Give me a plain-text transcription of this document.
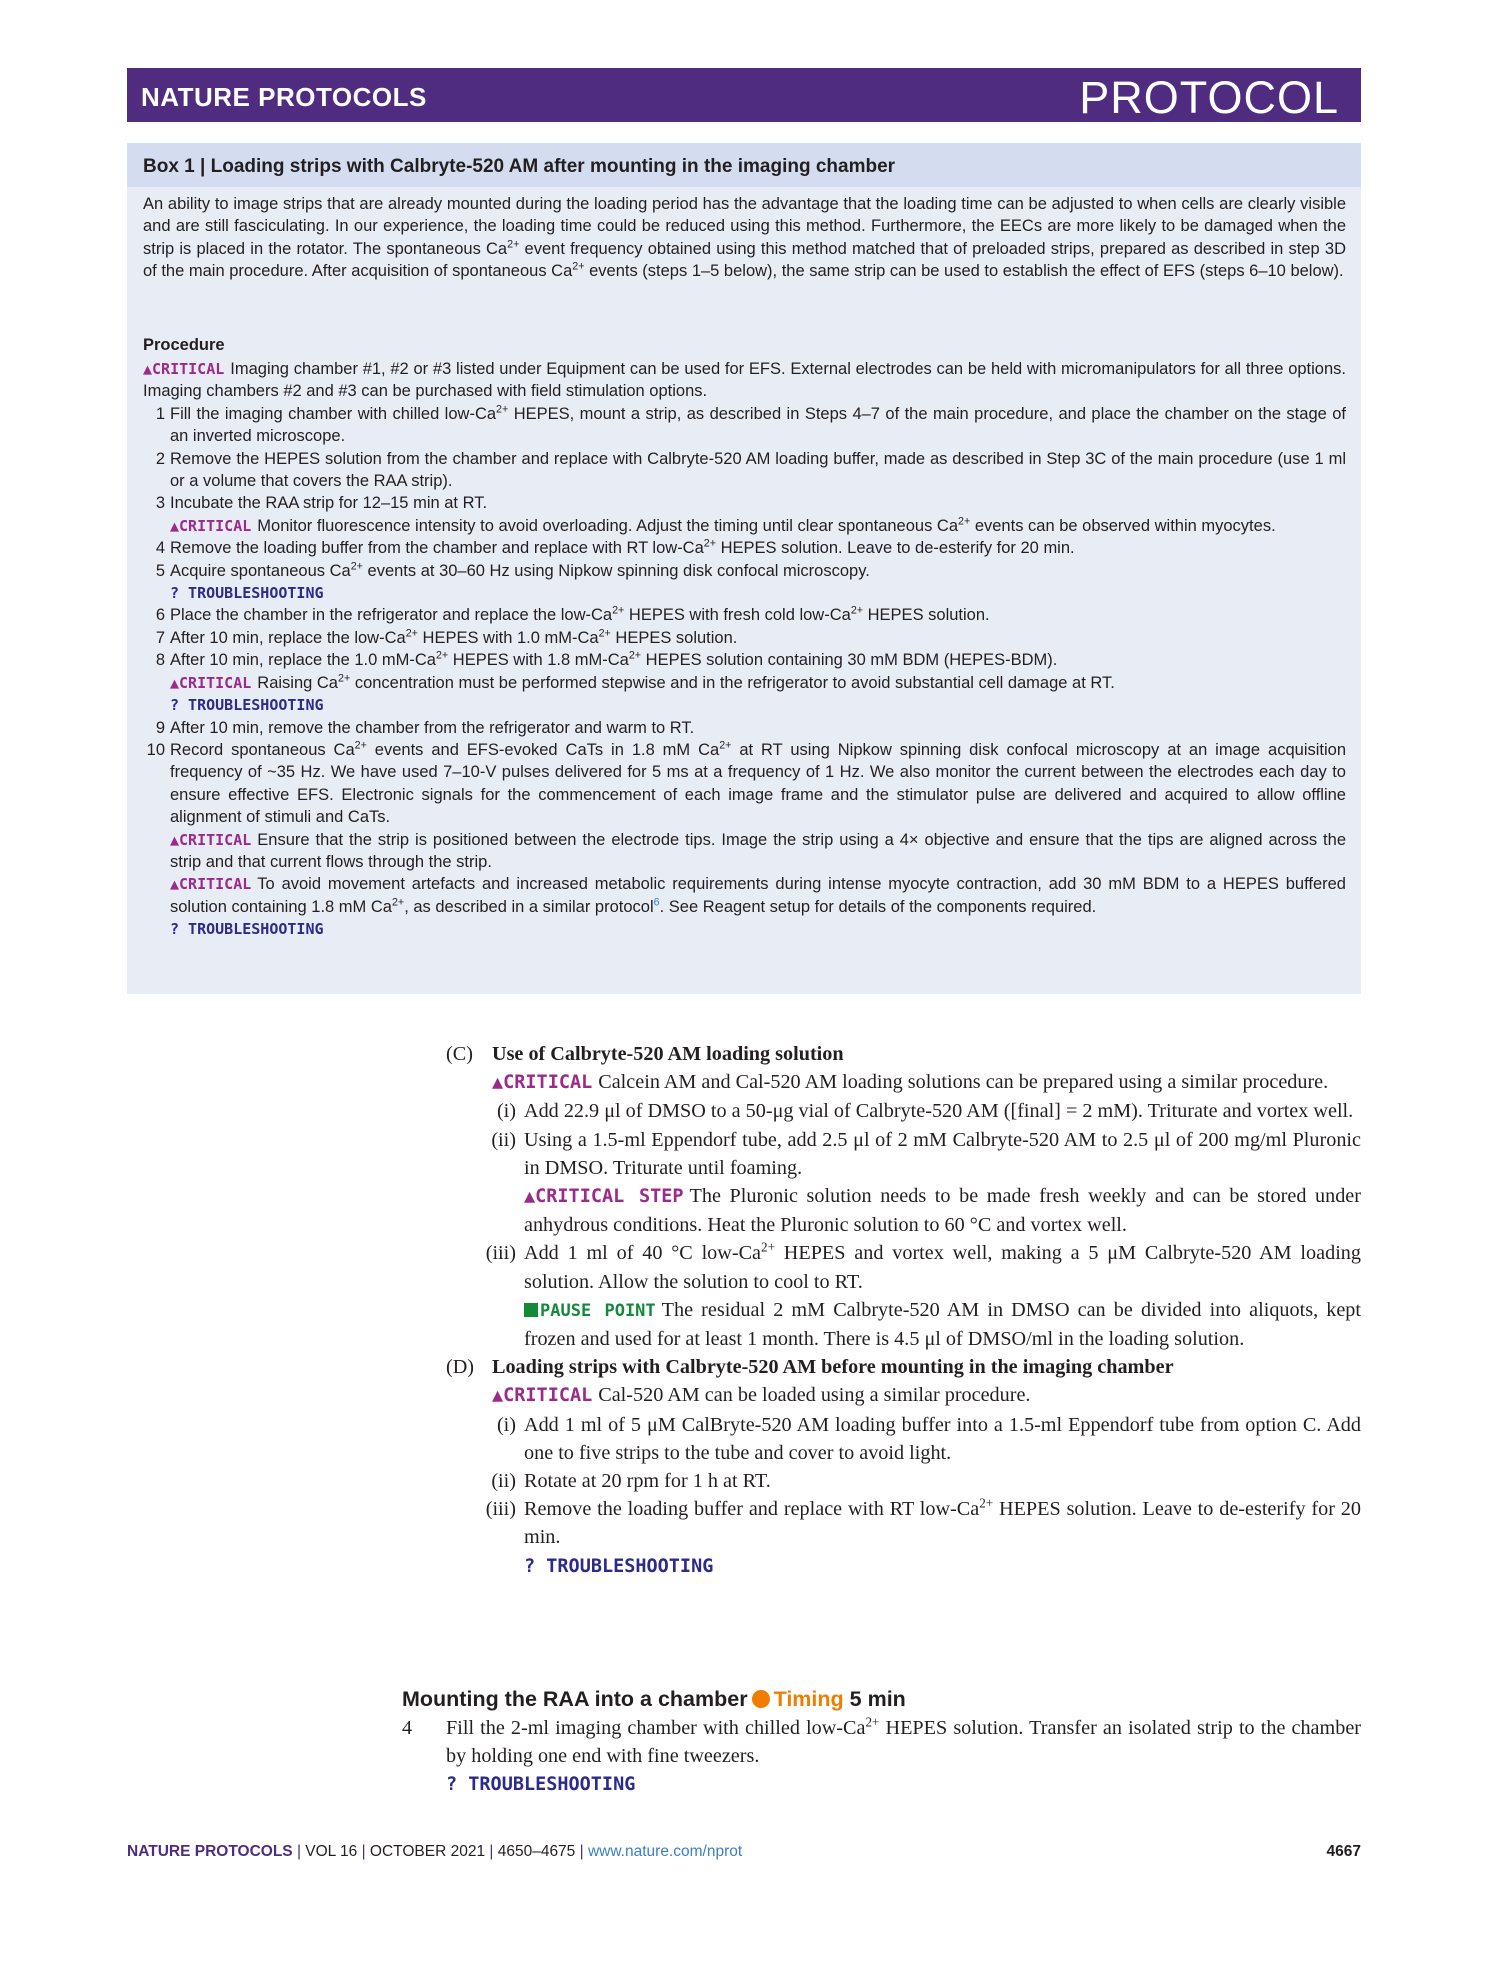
NATURE PROTOCOLS	PROTOCOL
Box 1 | Loading strips with Calbryte-520 AM after mounting in the imaging chamber
An ability to image strips that are already mounted during the loading period has the advantage that the loading time can be adjusted to when cells are clearly visible and are still fasciculating. In our experience, the loading time could be reduced using this method. Furthermore, the EECs are more likely to be damaged when the strip is placed in the rotator. The spontaneous $Ca^{2+}$ event frequency obtained using this method matched that of preloaded strips, prepared as described in step 3D of the main procedure. After acquisition of spontaneous $Ca^{2+}$ events (steps 1–5 below), the same strip can be used to establish the effect of EFS (steps 6–10 below).
Procedure
▲CRITICAL Imaging chamber #1, #2 or #3 listed under Equipment can be used for EFS. External electrodes can be held with micromanipulators for all three options. Imaging chambers #2 and #3 can be purchased with field stimulation options.
1 Fill the imaging chamber with chilled low-$Ca^{2+}$ HEPES, mount a strip, as described in Steps 4–7 of the main procedure, and place the chamber on the stage of an inverted microscope.
2 Remove the HEPES solution from the chamber and replace with Calbryte-520 AM loading buffer, made as described in Step 3C of the main procedure (use 1 ml or a volume that covers the RAA strip).
3 Incubate the RAA strip for 12–15 min at RT.
▲CRITICAL Monitor fluorescence intensity to avoid overloading. Adjust the timing until clear spontaneous $Ca^{2+}$ events can be observed within myocytes.
4 Remove the loading buffer from the chamber and replace with RT low-$Ca^{2+}$ HEPES solution. Leave to de-esterify for 20 min.
5 Acquire spontaneous $Ca^{2+}$ events at 30–60 Hz using Nipkow spinning disk confocal microscopy.
? TROUBLESHOOTING
6 Place the chamber in the refrigerator and replace the low-$Ca^{2+}$ HEPES with fresh cold low-$Ca^{2+}$ HEPES solution.
7 After 10 min, replace the low-$Ca^{2+}$ HEPES with 1.0 $mM-Ca^{2+}$ HEPES solution.
8 After 10 min, replace the 1.0 $mM-Ca^{2+}$ HEPES with 1.8 $mM-Ca^{2+}$ HEPES solution containing 30 mM BDM (HEPES-BDM).
▲CRITICAL Raising $Ca^{2+}$ concentration must be performed stepwise and in the refrigerator to avoid substantial cell damage at RT.
? TROUBLESHOOTING
9 After 10 min, remove the chamber from the refrigerator and warm to RT.
10 Record spontaneous $Ca^{2+}$ events and EFS-evoked CaTs in 1.8 mM $Ca^{2+}$ at RT using Nipkow spinning disk confocal microscopy at an image acquisition frequency of ~35 Hz. We have used 7–10-V pulses delivered for 5 ms at a frequency of 1 Hz. We also monitor the current between the electrodes each day to ensure effective EFS. Electronic signals for the commencement of each image frame and the stimulator pulse are delivered and acquired to allow offline alignment of stimuli and CaTs.
▲CRITICAL Ensure that the strip is positioned between the electrode tips. Image the strip using a 4× objective and ensure that the tips are aligned across the strip and that current flows through the strip.
▲CRITICAL To avoid movement artefacts and increased metabolic requirements during intense myocyte contraction, add 30 mM BDM to a HEPES buffered solution containing 1.8 mM $Ca^{2+}$, as described in a similar protocol$^6$. See Reagent setup for details of the components required.
? TROUBLESHOOTING
(C) Use of Calbryte-520 AM loading solution
▲CRITICAL Calcein AM and Cal-520 AM loading solutions can be prepared using a similar procedure.
(i) Add 22.9 μl of DMSO to a 50-μg vial of Calbryte-520 AM ([final] = 2 mM). Triturate and vortex well.
(ii) Using a 1.5-ml Eppendorf tube, add 2.5 μl of 2 mM Calbryte-520 AM to 2.5 μl of 200 mg/ml Pluronic in DMSO. Triturate until foaming.
▲CRITICAL STEP The Pluronic solution needs to be made fresh weekly and can be stored under anhydrous conditions. Heat the Pluronic solution to 60 °C and vortex well.
(iii) Add 1 ml of 40 °C low-$Ca^{2+}$ HEPES and vortex well, making a 5 μM Calbryte-520 AM loading solution. Allow the solution to cool to RT.
PAUSE POINT The residual 2 mM Calbryte-520 AM in DMSO can be divided into aliquots, kept frozen and used for at least 1 month. There is 4.5 μl of DMSO/ml in the loading solution.
(D) Loading strips with Calbryte-520 AM before mounting in the imaging chamber
▲CRITICAL Cal-520 AM can be loaded using a similar procedure.
(i) Add 1 ml of 5 μM CalBryte-520 AM loading buffer into a 1.5-ml Eppendorf tube from option C. Add one to five strips to the tube and cover to avoid light.
(ii) Rotate at 20 rpm for 1 h at RT.
(iii) Remove the loading buffer and replace with RT low-$Ca^{2+}$ HEPES solution. Leave to de-esterify for 20 min.
? TROUBLESHOOTING
Mounting the RAA into a chamber Timing 5 min
4 Fill the 2-ml imaging chamber with chilled low-$Ca^{2+}$ HEPES solution. Transfer an isolated strip to the chamber by holding one end with fine tweezers.
? TROUBLESHOOTING
NATURE PROTOCOLS | VOL 16 | OCTOBER 2021 | 4650–4675 | www.nature.com/nprot	4667
